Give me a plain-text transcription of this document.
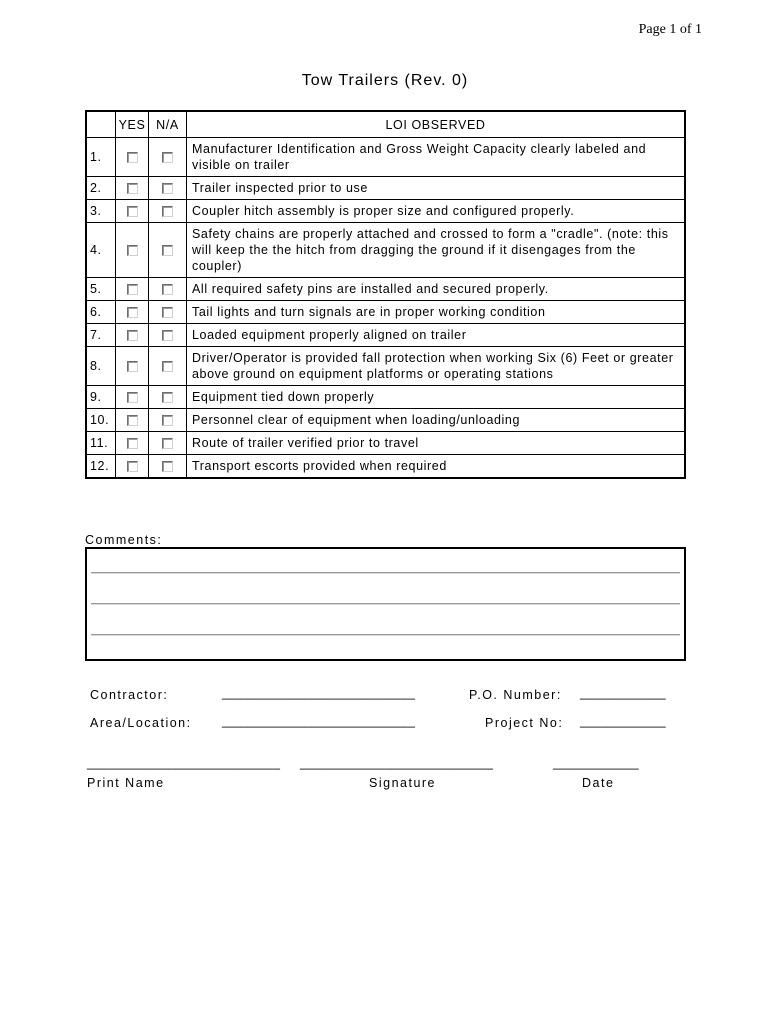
Page 1 of 1
Tow Trailers (Rev. 0)
	YES	N/A	LOI OBSERVED
1.			Manufacturer Identification and Gross Weight Capacity clearly labeled and visible on trailer
2.			Trailer inspected prior to use
3.			Coupler hitch assembly is proper size and configured properly.
4.			Safety chains are properly attached and crossed to form a "cradle". (note: this will keep the the hitch from dragging the ground if it disengages from the coupler)
5.			All required safety pins are installed and secured properly.
6.			Tail lights and turn signals are in proper working condition
7.			Loaded equipment properly aligned on trailer
8.			Driver/Operator is provided fall protection when working Six (6) Feet or greater above ground on equipment platforms or operating stations
9.			Equipment tied down properly
10.			Personnel clear of equipment when loading/unloading
11.			Route of trailer verified prior to travel
12.			Transport escorts provided when required
Comments:
Contractor:	___________________________	P.O. Number: ____________
Area/Location: ___________________________	Project No: ____________
___________________________ ___________________________	____________
Print Name	Signature	Date
